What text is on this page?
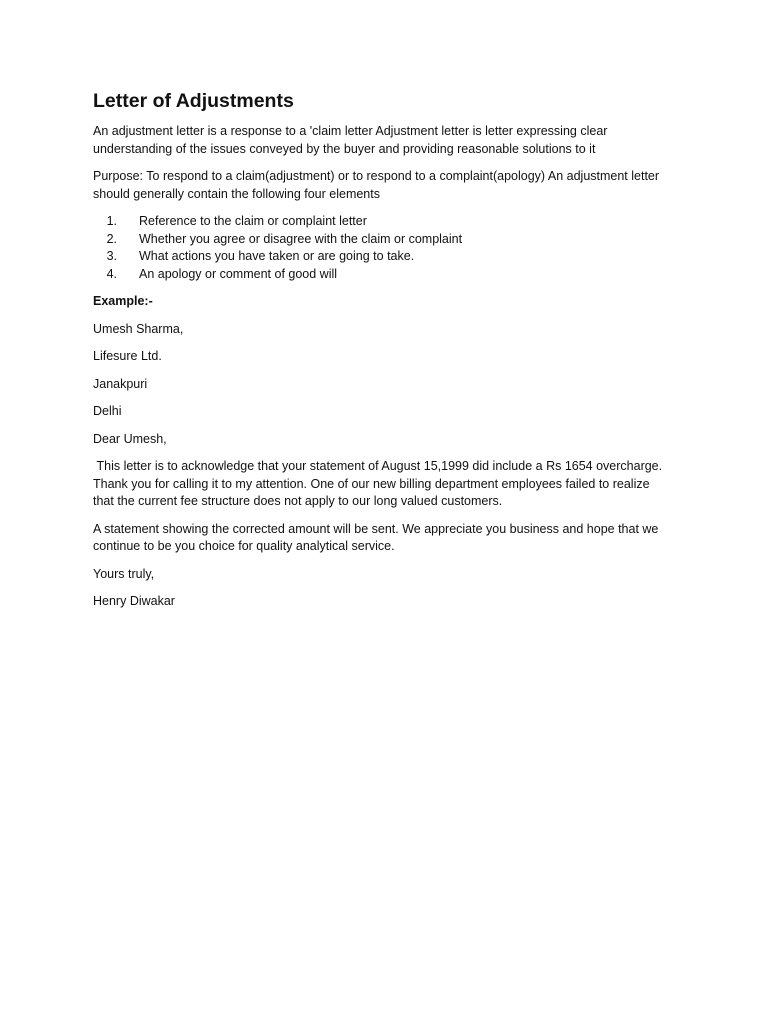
Letter of Adjustments

An adjustment letter is a response to a 'claim letter Adjustment letter is letter expressing clear understanding of the issues conveyed by the buyer and providing reasonable solutions to it

Purpose: To respond to a claim(adjustment) or to respond to a complaint(apology) An adjustment letter should generally contain the following four elements

1.	Reference to the claim or complaint letter
2.	Whether you agree or disagree with the claim or complaint
3.	What actions you have taken or are going to take.
4.	An apology or comment of good will

Example:-

Umesh Sharma,

Lifesure Ltd.

Janakpuri

Delhi

Dear Umesh,

This letter is to acknowledge that your statement of August 15,1999 did include a Rs 1654 overcharge. Thank you for calling it to my attention. One of our new billing department employees failed to realize that the current fee structure does not apply to our long valued customers.

A statement showing the corrected amount will be sent. We appreciate you business and hope that we continue to be you choice for quality analytical service.

Yours truly,

Henry Diwakar
